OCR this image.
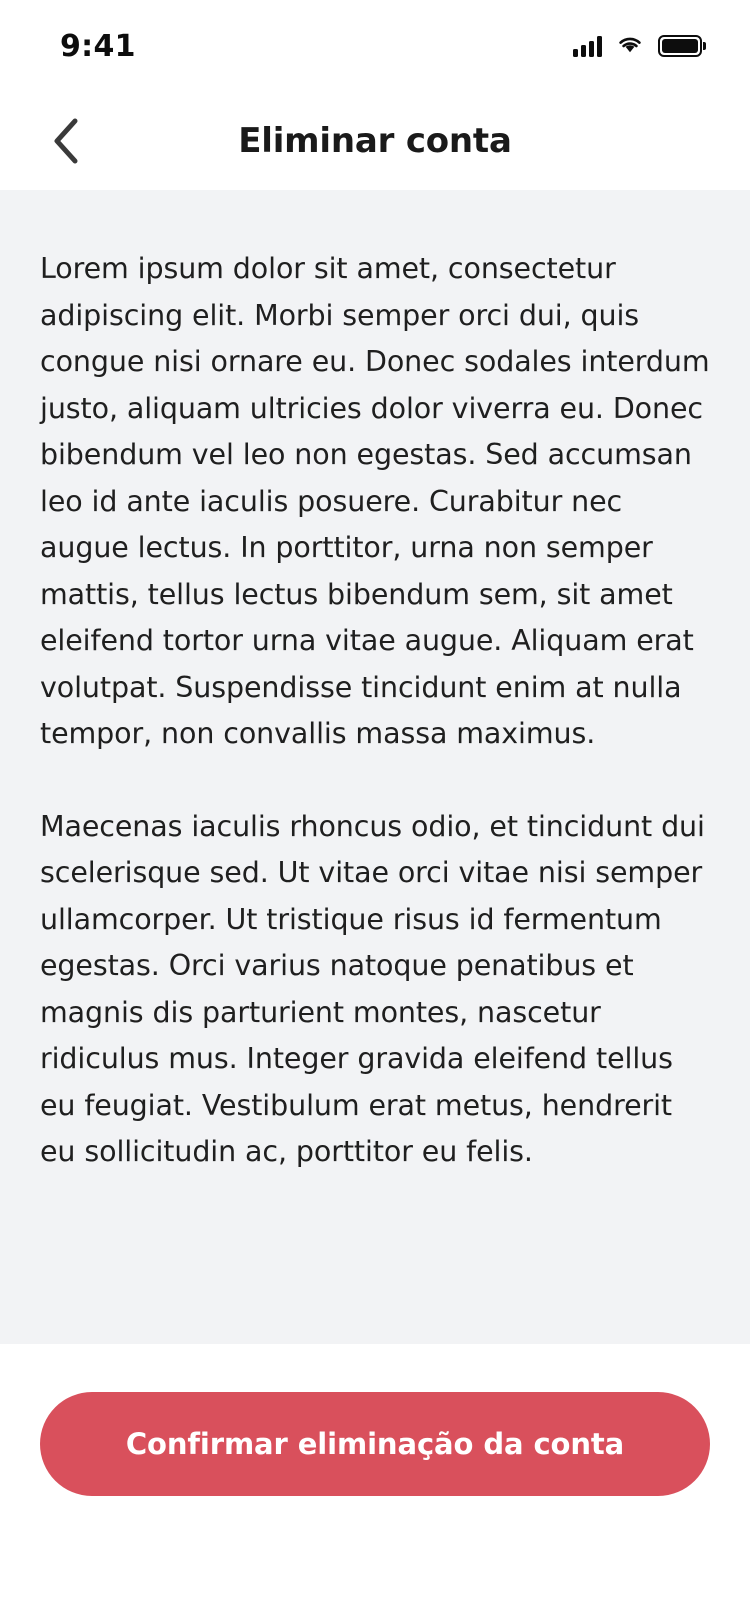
9:41
Eliminar conta

Lorem ipsum dolor sit amet, consectetur adipiscing elit. Morbi semper orci dui, quis congue nisi ornare eu. Donec sodales interdum justo, aliquam ultricies dolor viverra eu. Donec bibendum vel leo non egestas. Sed accumsan leo id ante iaculis posuere. Curabitur nec augue lectus. In porttitor, urna non semper mattis, tellus lectus bibendum sem, sit amet eleifend tortor urna vitae augue. Aliquam erat volutpat. Suspendisse tincidunt enim at nulla tempor, non convallis massa maximus.

Maecenas iaculis rhoncus odio, et tincidunt dui scelerisque sed. Ut vitae orci vitae nisi semper ullamcorper. Ut tristique risus id fermentum egestas. Orci varius natoque penatibus et magnis dis parturient montes, nascetur ridiculus mus. Integer gravida eleifend tellus eu feugiat. Vestibulum erat metus, hendrerit eu sollicitudin ac, porttitor eu felis.

Confirmar eliminação da conta
